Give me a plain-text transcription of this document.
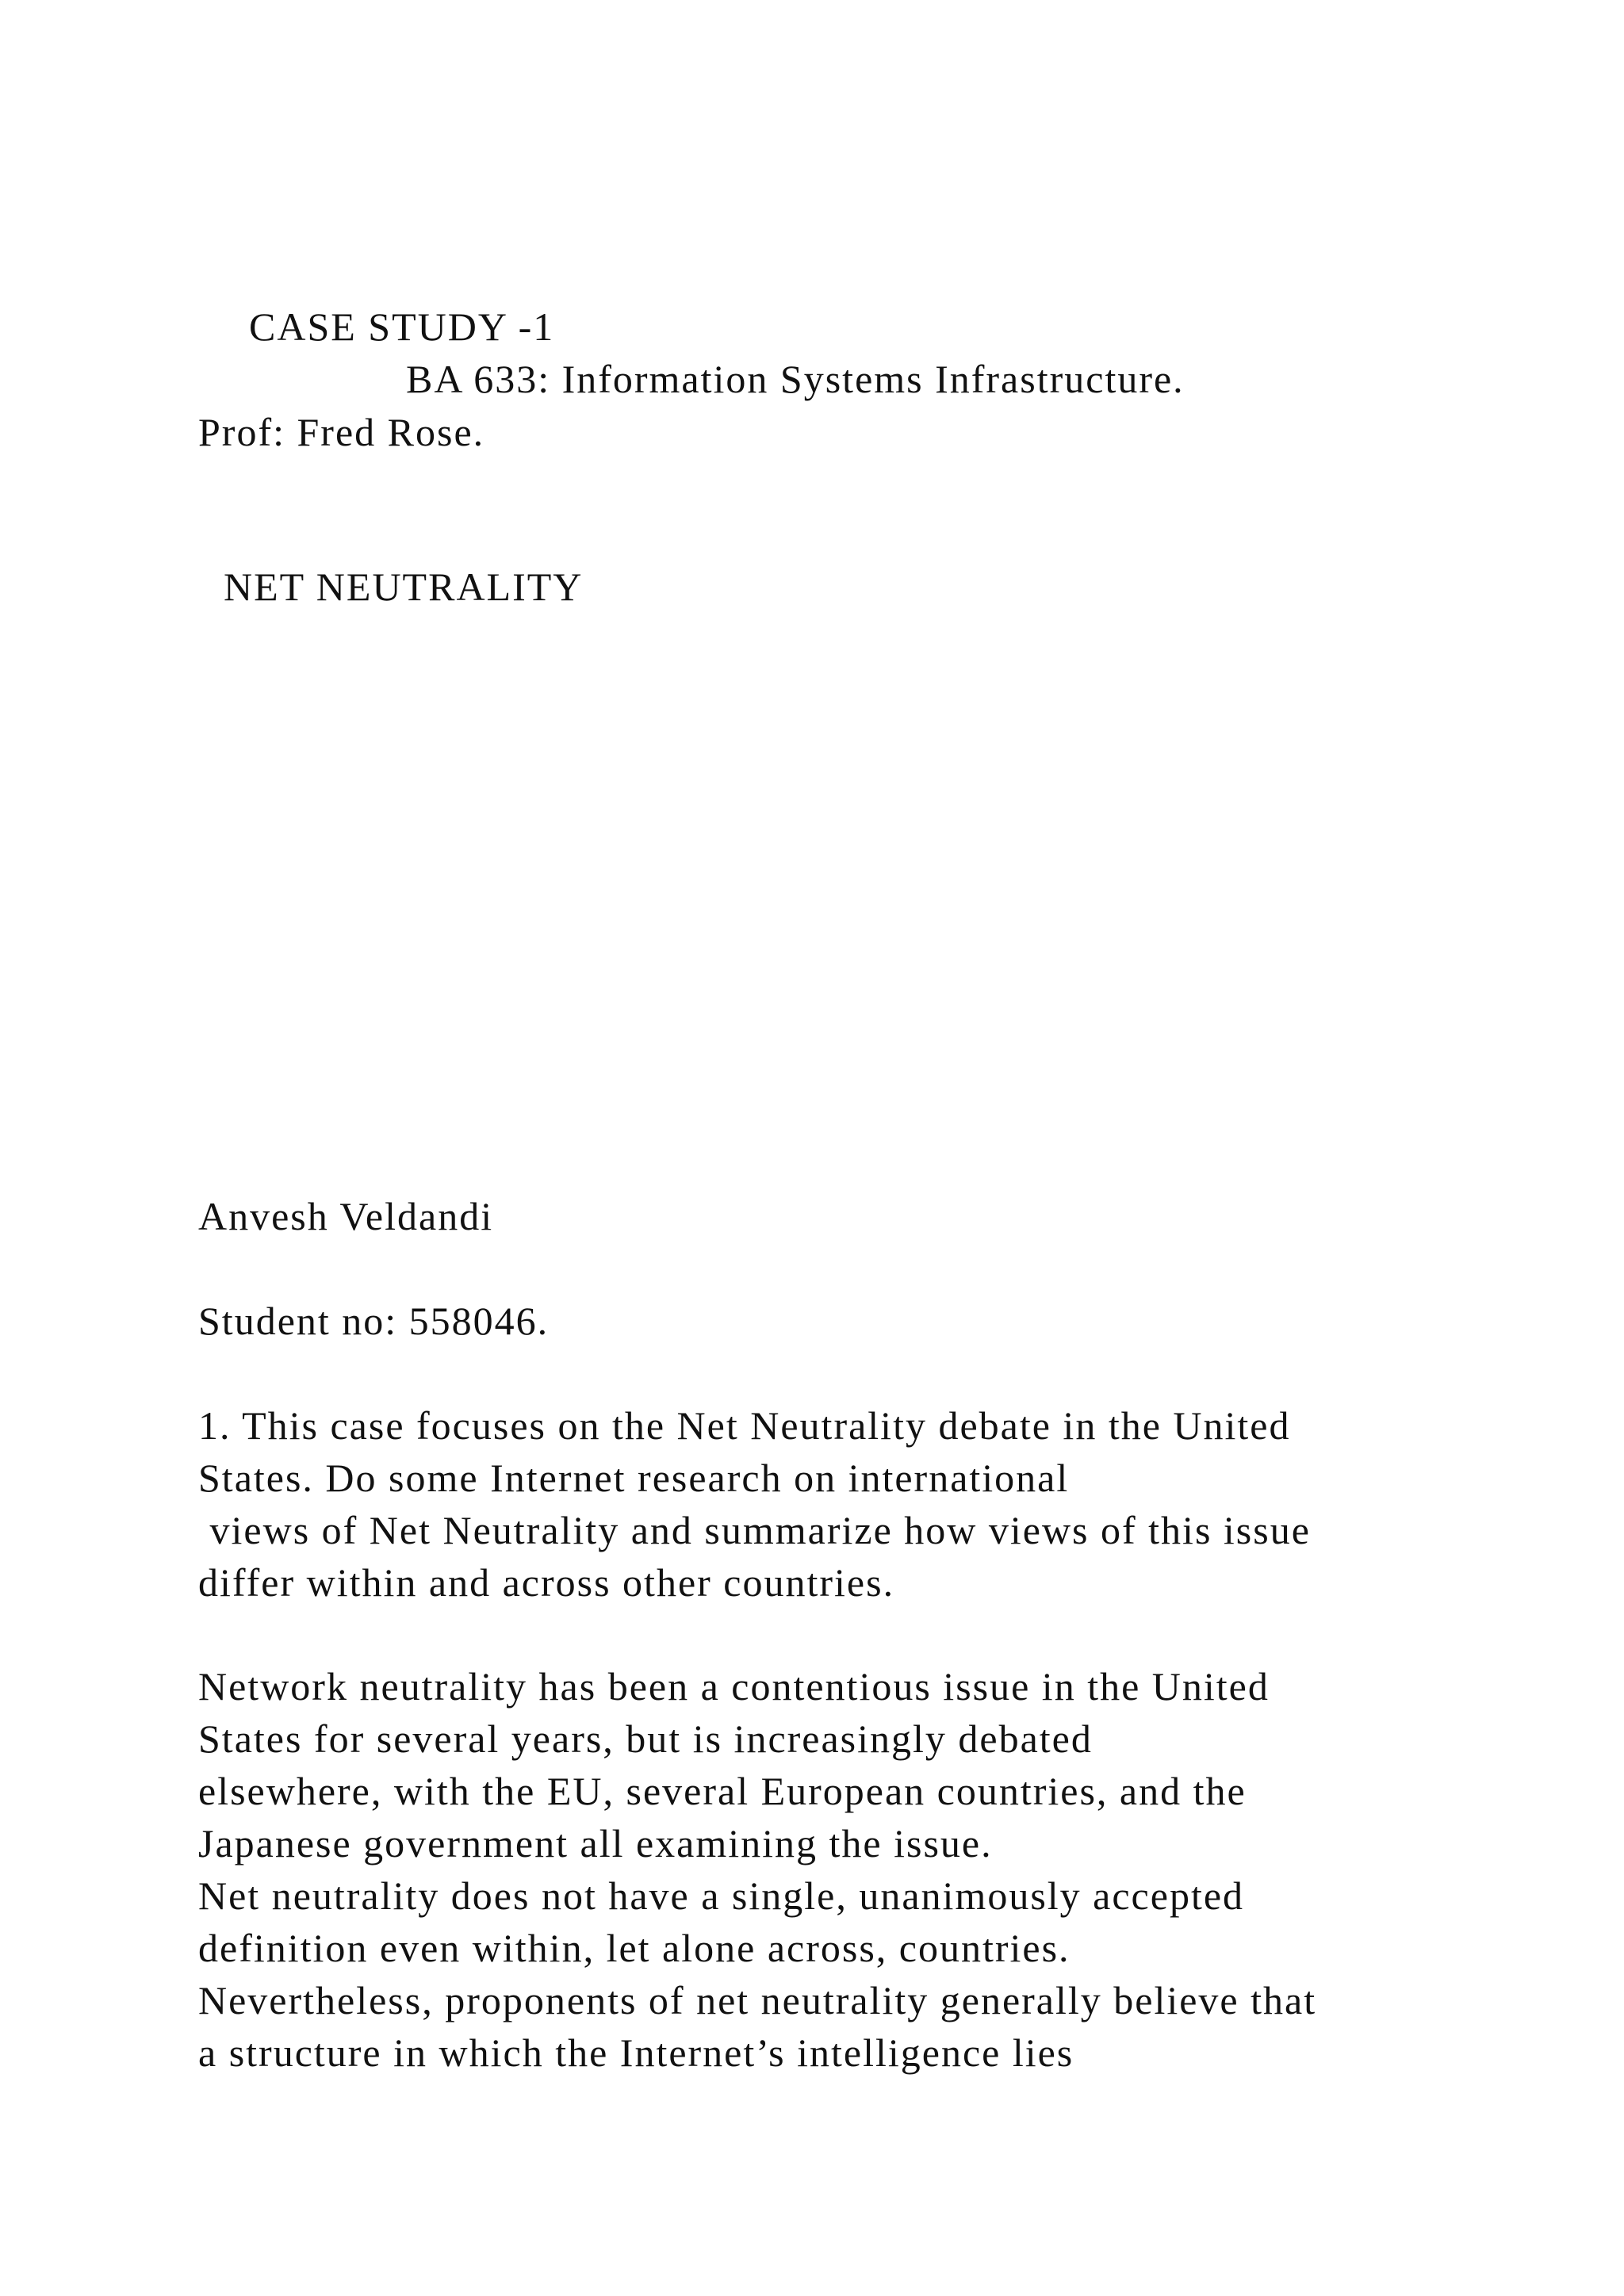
CASE STUDY -1

BA 633: Information Systems Infrastructure.

Prof: Fred Rose.

NET NEUTRALITY

Anvesh Veldandi

Student no: 558046.

1. This case focuses on the Net Neutrality debate in the United

States. Do some Internet research on international

views of Net Neutrality and summarize how views of this issue

differ within and across other countries.

Network neutrality has been a contentious issue in the United

States for several years, but is increasingly debated

elsewhere, with the EU, several European countries, and the

Japanese government all examining the issue.

Net neutrality does not have a single, unanimously accepted

definition even within, let alone across, countries.

Nevertheless, proponents of net neutrality generally believe that

a structure in which the Internet’s intelligence lies
